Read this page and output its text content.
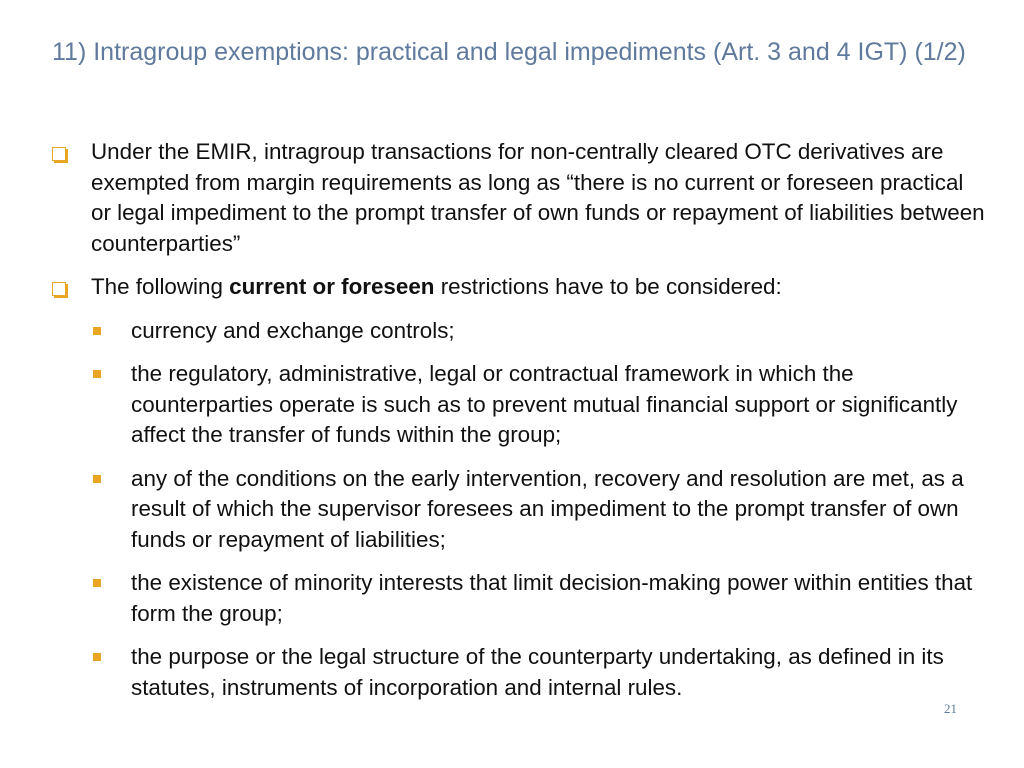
11) Intragroup exemptions: practical and legal impediments (Art. 3 and 4 IGT) (1/2)
Under the EMIR, intragroup transactions for non-centrally cleared OTC derivatives are exempted from margin requirements as long as “there is no current or foreseen practical or legal impediment to the prompt transfer of own funds or repayment of liabilities between counterparties”
The following current or foreseen restrictions have to be considered:
currency and exchange controls;
the regulatory, administrative, legal or contractual framework in which the counterparties operate is such as to prevent mutual financial support or significantly affect the transfer of funds within the group;
any of the conditions on the early intervention, recovery and resolution are met, as a result of which the supervisor foresees an impediment to the prompt transfer of own funds or repayment of liabilities;
the existence of minority interests that limit decision-making power within entities that form the group;
the purpose or the legal structure of the counterparty undertaking, as defined in its statutes, instruments of incorporation and internal rules.
21
